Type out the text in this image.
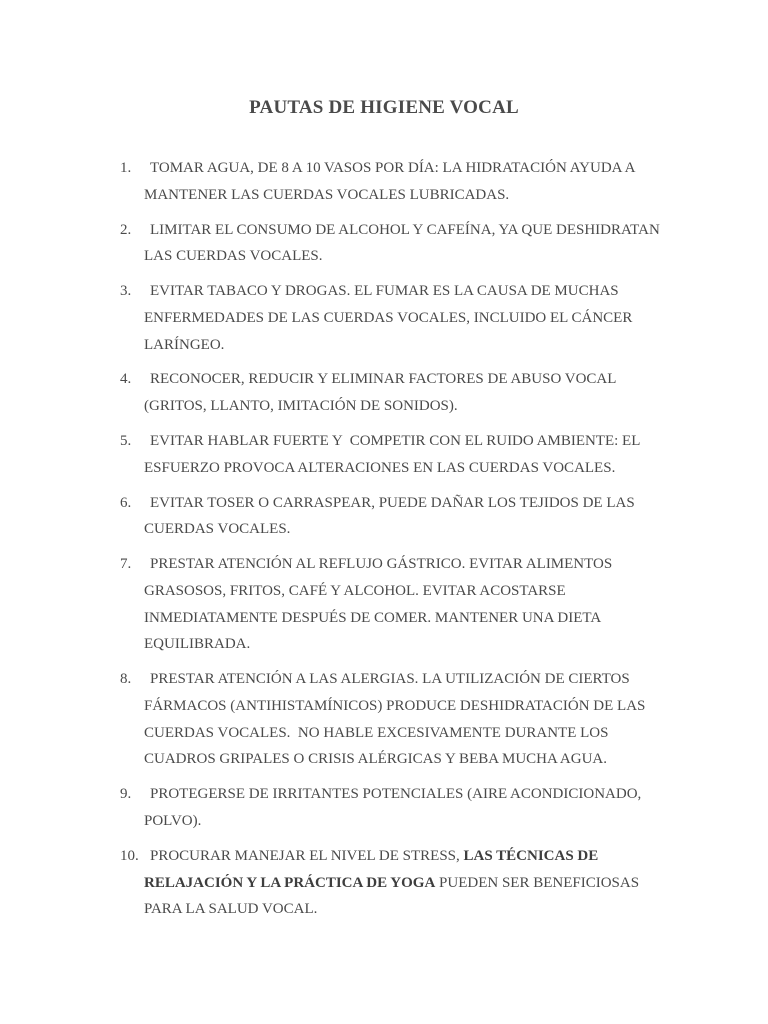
PAUTAS DE HIGIENE VOCAL
1.	TOMAR AGUA, DE 8 A 10 VASOS POR DÍA: LA HIDRATACIÓN AYUDA A MANTENER LAS CUERDAS VOCALES LUBRICADAS.
2.	LIMITAR EL CONSUMO DE ALCOHOL Y CAFEÍNA, YA QUE DESHIDRATAN LAS CUERDAS VOCALES.
3.	EVITAR TABACO Y DROGAS. EL FUMAR ES LA CAUSA DE MUCHAS ENFERMEDADES DE LAS CUERDAS VOCALES, INCLUIDO EL CÁNCER LARÍNGEO.
4.	RECONOCER, REDUCIR Y ELIMINAR FACTORES DE ABUSO VOCAL (GRITOS, LLANTO, IMITACIÓN DE SONIDOS).
5.	EVITAR HABLAR FUERTE Y  COMPETIR CON EL RUIDO AMBIENTE: EL ESFUERZO PROVOCA ALTERACIONES EN LAS CUERDAS VOCALES.
6.	EVITAR TOSER O CARRASPEAR, PUEDE DAÑAR LOS TEJIDOS DE LAS CUERDAS VOCALES.
7.	PRESTAR ATENCIÓN AL REFLUJO GÁSTRICO. EVITAR ALIMENTOS GRASOSOS, FRITOS, CAFÉ Y ALCOHOL. EVITAR ACOSTARSE INMEDIATAMENTE DESPUÉS DE COMER. MANTENER UNA DIETA EQUILIBRADA.
8.	PRESTAR ATENCIÓN A LAS ALERGIAS. LA UTILIZACIÓN DE CIERTOS FÁRMACOS (ANTIHISTAMÍNICOS) PRODUCE DESHIDRATACIÓN DE LAS CUERDAS VOCALES.  NO HABLE EXCESIVAMENTE DURANTE LOS CUADROS GRIPALES O CRISIS ALÉRGICAS Y BEBA MUCHA AGUA.
9.	PROTEGERSE DE IRRITANTES POTENCIALES (AIRE ACONDICIONADO, POLVO).
10. PROCURAR MANEJAR EL NIVEL DE STRESS, LAS TÉCNICAS DE RELAJACIÓN Y LA PRÁCTICA DE YOGA PUEDEN SER BENEFICIOSAS PARA LA SALUD VOCAL.
